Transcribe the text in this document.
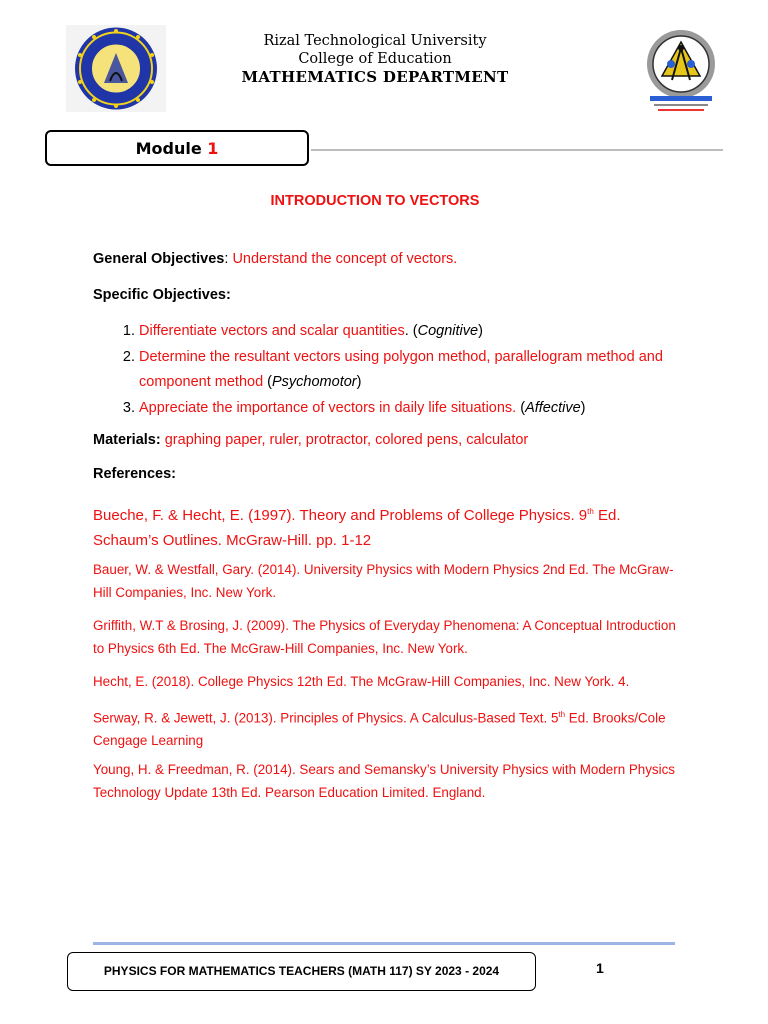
Rizal Technological University
College of Education
MATHEMATICS DEPARTMENT
Module 1
INTRODUCTION TO VECTORS
General Objectives: Understand the concept of vectors.
Specific Objectives:
1. Differentiate vectors and scalar quantities. (Cognitive)
2. Determine the resultant vectors using polygon method, parallelogram method and component method (Psychomotor)
3. Appreciate the importance of vectors in daily life situations. (Affective)
Materials: graphing paper, ruler, protractor, colored pens, calculator
References:
Bueche, F. & Hecht, E. (1997). Theory and Problems of College Physics. 9th Ed. Schaum’s Outlines. McGraw-Hill. pp. 1-12
Bauer, W. & Westfall, Gary. (2014). University Physics with Modern Physics 2nd Ed. The McGraw-Hill Companies, Inc. New York.
Griffith, W.T & Brosing, J. (2009). The Physics of Everyday Phenomena: A Conceptual Introduction to Physics 6th Ed. The McGraw-Hill Companies, Inc. New York.
Hecht, E. (2018). College Physics 12th Ed. The McGraw-Hill Companies, Inc. New York. 4.
Serway, R. & Jewett, J. (2013). Principles of Physics. A Calculus-Based Text. 5th Ed. Brooks/Cole Cengage Learning
Young, H. & Freedman, R. (2014). Sears and Semansky’s University Physics with Modern Physics Technology Update 13th Ed. Pearson Education Limited. England.
PHYSICS FOR MATHEMATICS TEACHERS (MATH 117) SY 2023 - 2024	1
